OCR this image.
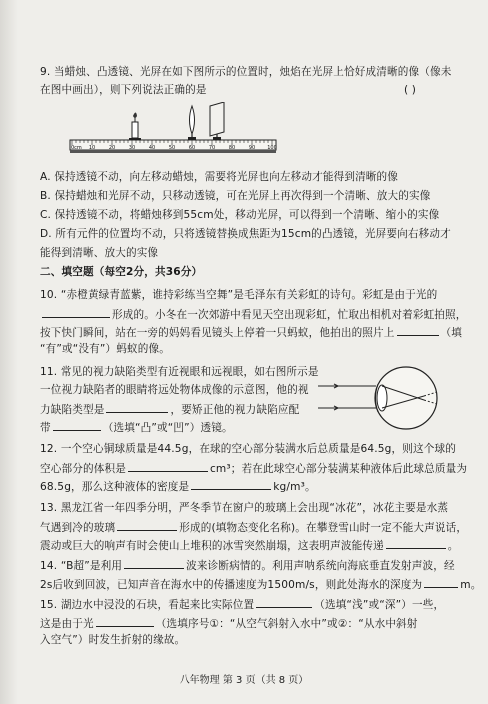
9. 当蜡烛、凸透镜、光屏在如下图所示的位置时，烛焰在光屏上恰好成清晰的像（像未
在图中画出），则下列说法正确的是	( )
0cm 10	20	30	40	50	60	70	80	90 100
A. 保持透镜不动，向左移动蜡烛，需要将光屏也向左移动才能得到清晰的像
B. 保持蜡烛和光屏不动，只移动透镜，可在光屏上再次得到一个清晰、放大的实像
C. 保持透镜不动，将蜡烛移到55cm处，移动光屏，可以得到一个清晰、缩小的实像
D. 所有元件的位置均不动，只将透镜替换成焦距为15cm的凸透镜，光屏要向右移动才
能得到清晰、放大的实像
二、填空题（每空2分，共36分）
10. “赤橙黄绿青蓝紫，谁持彩练当空舞”是毛泽东有关彩虹的诗句。彩虹是由于光的
形成的。小冬在一次郊游中看见天空出现彩虹，忙取出相机对着彩虹拍照，
按下快门瞬间，站在一旁的妈妈看见镜头上停着一只蚂蚁，他拍出的照片上	（填
“有”或“没有”）蚂蚁的像。
11. 常见的视力缺陷类型有近视眼和远视眼，如右图所示是
一位视力缺陷者的眼睛将远处物体成像的示意图，他的视
力缺陷类型是	，要矫正他的视力缺陷应配
带	（选填“凸”或“凹”）透镜。
12. 一个空心铜球质量是44.5g，在球的空心部分装满水后总质量是64.5g，则这个球的
空心部分的体积是	cm³；若在此球空心部分装满某种液体后此球总质量为
68.5g，那么这种液体的密度是	kg/m³。
13. 黑龙江省一年四季分明，严冬季节在窗户的玻璃上会出现“冰花”，冰花主要是水蒸
气遇到冷的玻璃	形成的(填物态变化名称)。在攀登雪山时一定不能大声说话，
震动或巨大的响声有时会使山上堆积的冰雪突然崩塌，这表明声波能传递	。
14. “B超”是利用	波来诊断病情的。利用声呐系统向海底垂直发射声波，经
2s后收到回波，已知声音在海水中的传播速度为1500m/s，则此处海水的深度为	m。
15. 湖边水中浸没的石块，看起来比实际位置	（选填“浅”或“深”）一些，
这是由于光	（选填序号①：“从空气斜射入水中”或②：“从水中斜射
入空气”）时发生折射的缘故。
八年物理 第 3 页（共 8 页）
